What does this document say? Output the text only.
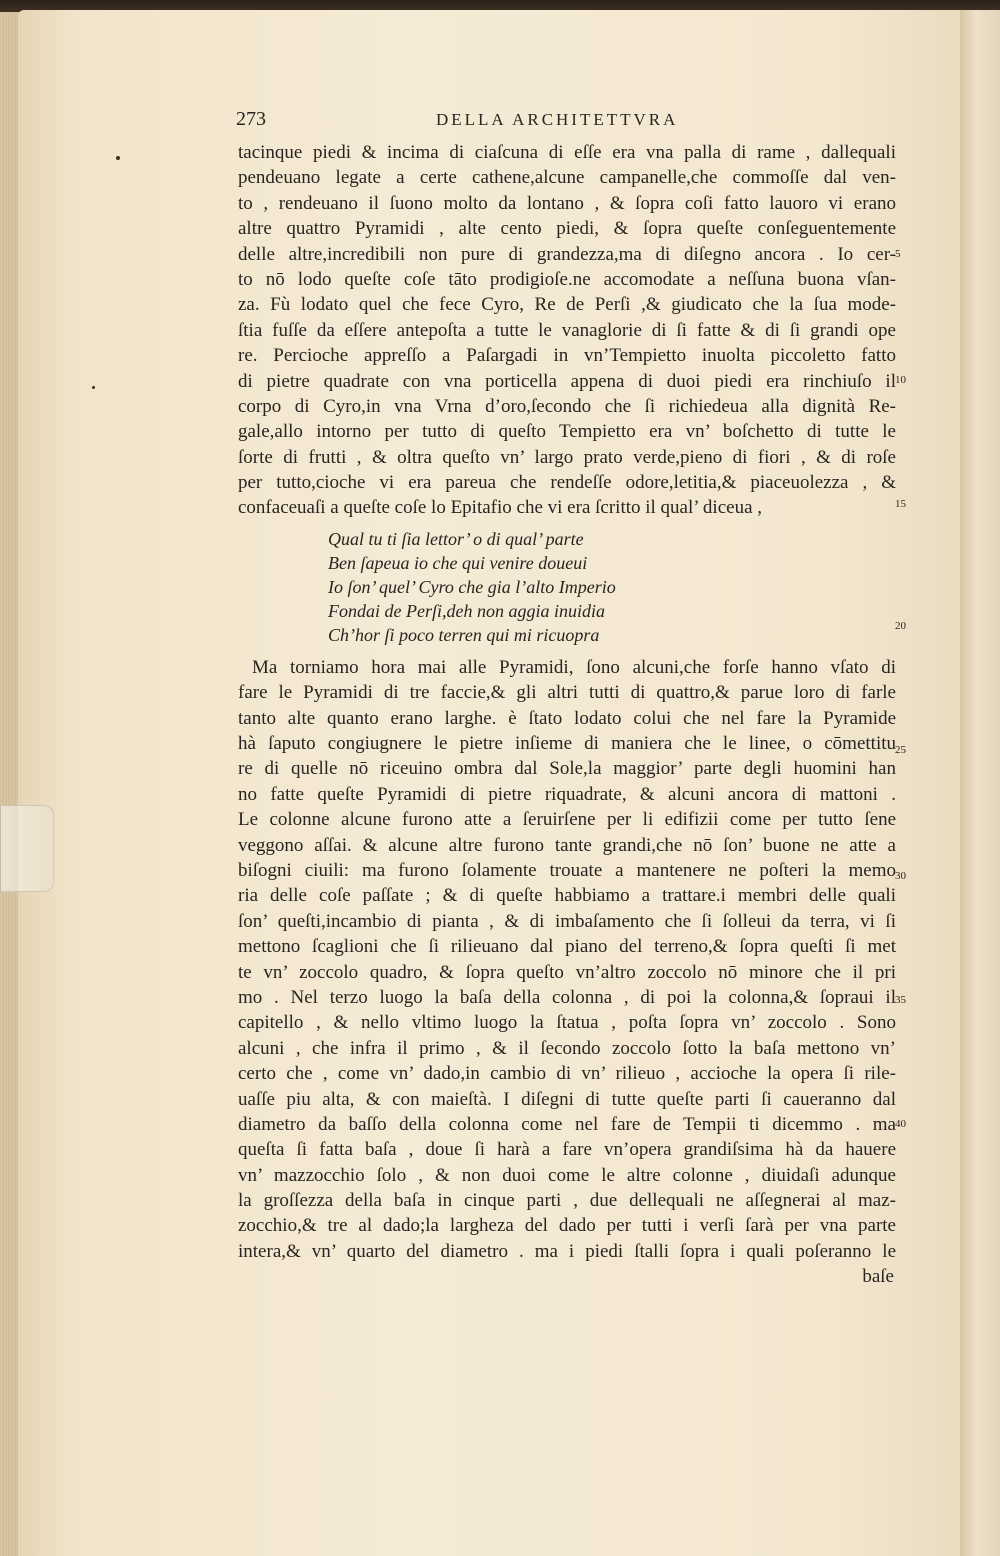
273	DELLA ARCHITETTVRA
tacinque piedi & incima di ciaſcuna di eſſe era vna palla di rame , dallequali
pendeuano legate a certe cathene,alcune campanelle,che commoſſe dal ven-
to , rendeuano il ſuono molto da lontano , & ſopra coſi fatto lauoro vi erano
altre quattro Pyramidi , alte cento piedi, & ſopra queſte conſeguentemente
delle altre,incredibili non pure di grandezza,ma di diſegno ancora . Io cer-
to nō lodo queſte coſe tāto prodigioſe.ne accomodate a neſſuna buona vſan-
za. Fù lodato quel che fece Cyro, Re de Perſi ,& giudicato che la ſua mode-
ſtia fuſſe da eſſere antepoſta a tutte le vanaglorie di ſi fatte & di ſi grandi ope
re. Percioche appreſſo a Paſargadi in vn’Tempietto inuolta piccoletto fatto
di pietre quadrate con vna porticella appena di duoi piedi era rinchiuſo il
corpo di Cyro,in vna Vrna d’oro,ſecondo che ſi richiedeua alla dignità Re-
gale,allo intorno per tutto di queſto Tempietto era vn’ boſchetto di tutte le
ſorte di frutti , & oltra queſto vn’ largo prato verde,pieno di fiori , & di roſe
per tutto,cioche vi era pareua che rendeſſe odore,letitia,& piaceuolezza , &
confaceuaſi a queſte coſe lo Epitafio che vi era ſcritto il qual’ diceua ,
Qual tu ti ſia lettor’ o di qual’ parte
Ben ſapeua io che qui venire doueui
Io ſon’ quel’ Cyro che gia l’alto Imperio
Fondai de Perſi,deh non aggia inuidia
Ch’hor ſi poco terren qui mi ricuopra
Ma torniamo hora mai alle Pyramidi, ſono alcuni,che forſe hanno vſato di
fare le Pyramidi di tre faccie,& gli altri tutti di quattro,& parue loro di farle
tanto alte quanto erano larghe. è ſtato lodato colui che nel fare la Pyramide
hà ſaputo congiugnere le pietre inſieme di maniera che le linee, o cōmettitu
re di quelle nō riceuino ombra dal Sole,la maggior’ parte degli huomini han
no fatte queſte Pyramidi di pietre riquadrate, & alcuni ancora di mattoni .
Le colonne alcune furono atte a ſeruirſene per li edifizii come per tutto ſene
veggono aſſai. & alcune altre furono tante grandi,che nō ſon’ buone ne atte a
biſogni ciuili: ma furono ſolamente trouate a mantenere ne poſteri la memo
ria delle coſe paſſate ; & di queſte habbiamo a trattare.i membri delle quali
ſon’ queſti,incambio di pianta , & di imbaſamento che ſi ſolleui da terra, vi ſi
mettono ſcaglioni che ſi rilieuano dal piano del terreno,& ſopra queſti ſi met
te vn’ zoccolo quadro, & ſopra queſto vn’altro zoccolo nō minore che il pri
mo . Nel terzo luogo la baſa della colonna , di poi la colonna,& ſopraui il
capitello , & nello vltimo luogo la ſtatua , poſta ſopra vn’ zoccolo . Sono
alcuni , che infra il primo , & il ſecondo zoccolo ſotto la baſa mettono vn’
certo che , come vn’ dado,in cambio di vn’ rilieuo , accioche la opera ſi rile-
uaſſe piu alta, & con maieſtà. I diſegni di tutte queſte parti ſi caueranno dal
diametro da baſſo della colonna come nel fare de Tempii ti dicemmo . ma
queſta ſi fatta baſa , doue ſi harà a fare vn’opera grandiſsima hà da hauere
vn’ mazzocchio ſolo , & non duoi come le altre colonne , diuidaſi adunque
la groſſezza della baſa in cinque parti , due dellequali ne aſſegnerai al maz-
zocchio,& tre al dado;la largheza del dado per tutti i verſi ſarà per vna parte
intera,& vn’ quarto del diametro . ma i piedi ſtalli ſopra i quali poſeranno le
baſe
5
10
15
20
25
30
35
40
